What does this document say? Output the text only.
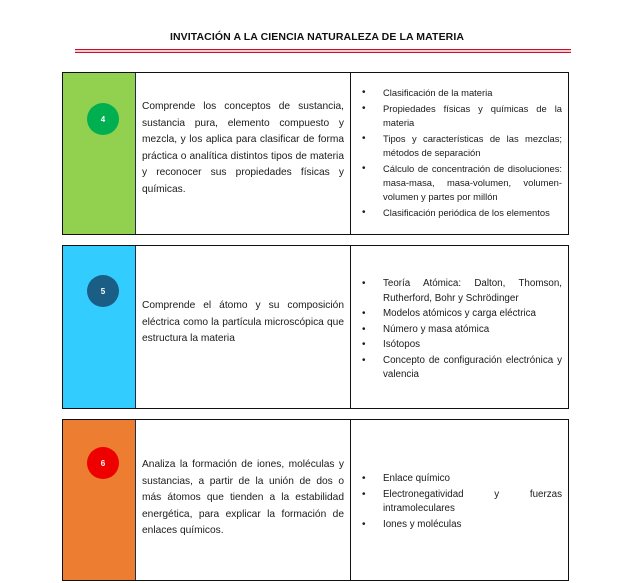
INVITACIÓN A LA CIENCIA NATURALEZA DE LA MATERIA
4
Comprende los conceptos de sustancia, sustancia pura, elemento compuesto y mezcla, y los aplica para clasificar de forma práctica o analítica distintos tipos de materia y reconocer sus propiedades físicas y químicas.
• Clasificación de la materia
• Propiedades físicas y químicas de la materia
• Tipos y características de las mezclas; métodos de separación
• Cálculo de concentración de disoluciones: masa-masa, masa-volumen, volumen-volumen y partes por millón
• Clasificación periódica de los elementos
5
Comprende el átomo y su composición eléctrica como la partícula microscópica que estructura la materia
• Teoría Atómica: Dalton, Thomson, Rutherford, Bohr y Schrödinger
• Modelos atómicos y carga eléctrica
• Número y masa atómica
• Isótopos
• Concepto de configuración electrónica y valencia
6	Analiza la formación de iones, moléculas y sustancias, a partir de la unión de dos o más átomos que tienden a la estabilidad energética, para explicar la formación de enlaces químicos.
• Enlace químico
• Electronegatividad y fuerzas intramoleculares
• Iones y moléculas
